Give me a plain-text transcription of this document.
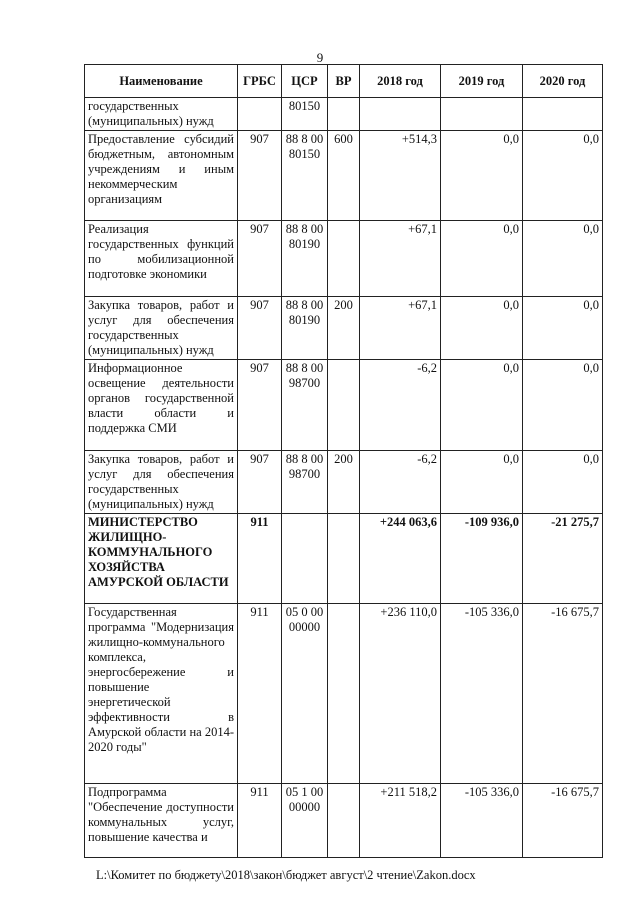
9
Наименование	ГРБС	ЦСР	ВР	2018 год	2019 год	2020 год
государственных (муниципальных) нужд		80150				
Предоставление субсидий бюджетным, автономным учреждениям и иным некоммерческим организациям	907	88 8 00 80150	600	+514,3	0,0	0,0
Реализация государственных функций по мобилизационной подготовке экономики	907	88 8 00 80190		+67,1	0,0	0,0
Закупка товаров, работ и услуг для обеспечения государственных (муниципальных) нужд	907	88 8 00 80190	200	+67,1	0,0	0,0
Информационное освещение деятельности органов государственной власти области и поддержка СМИ	907	88 8 00 98700		-6,2	0,0	0,0
Закупка товаров, работ и услуг для обеспечения государственных (муниципальных) нужд	907	88 8 00 98700	200	-6,2	0,0	0,0
МИНИСТЕРСТВО ЖИЛИЩНО-КОММУНАЛЬНОГО ХОЗЯЙСТВА АМУРСКОЙ ОБЛАСТИ	911			+244 063,6	-109 936,0	-21 275,7
Государственная программа "Модернизация жилищно-коммунального комплекса, энергосбережение и повышение энергетической эффективности в Амурской области на 2014-2020 годы"	911	05 0 00 00000		+236 110,0	-105 336,0	-16 675,7
Подпрограмма "Обеспечение доступности коммунальных услуг, повышение качества и	911	05 1 00 00000		+211 518,2	-105 336,0	-16 675,7
L:\Комитет по бюджету\2018\закон\бюджет август\2 чтение\Zakon.docx
